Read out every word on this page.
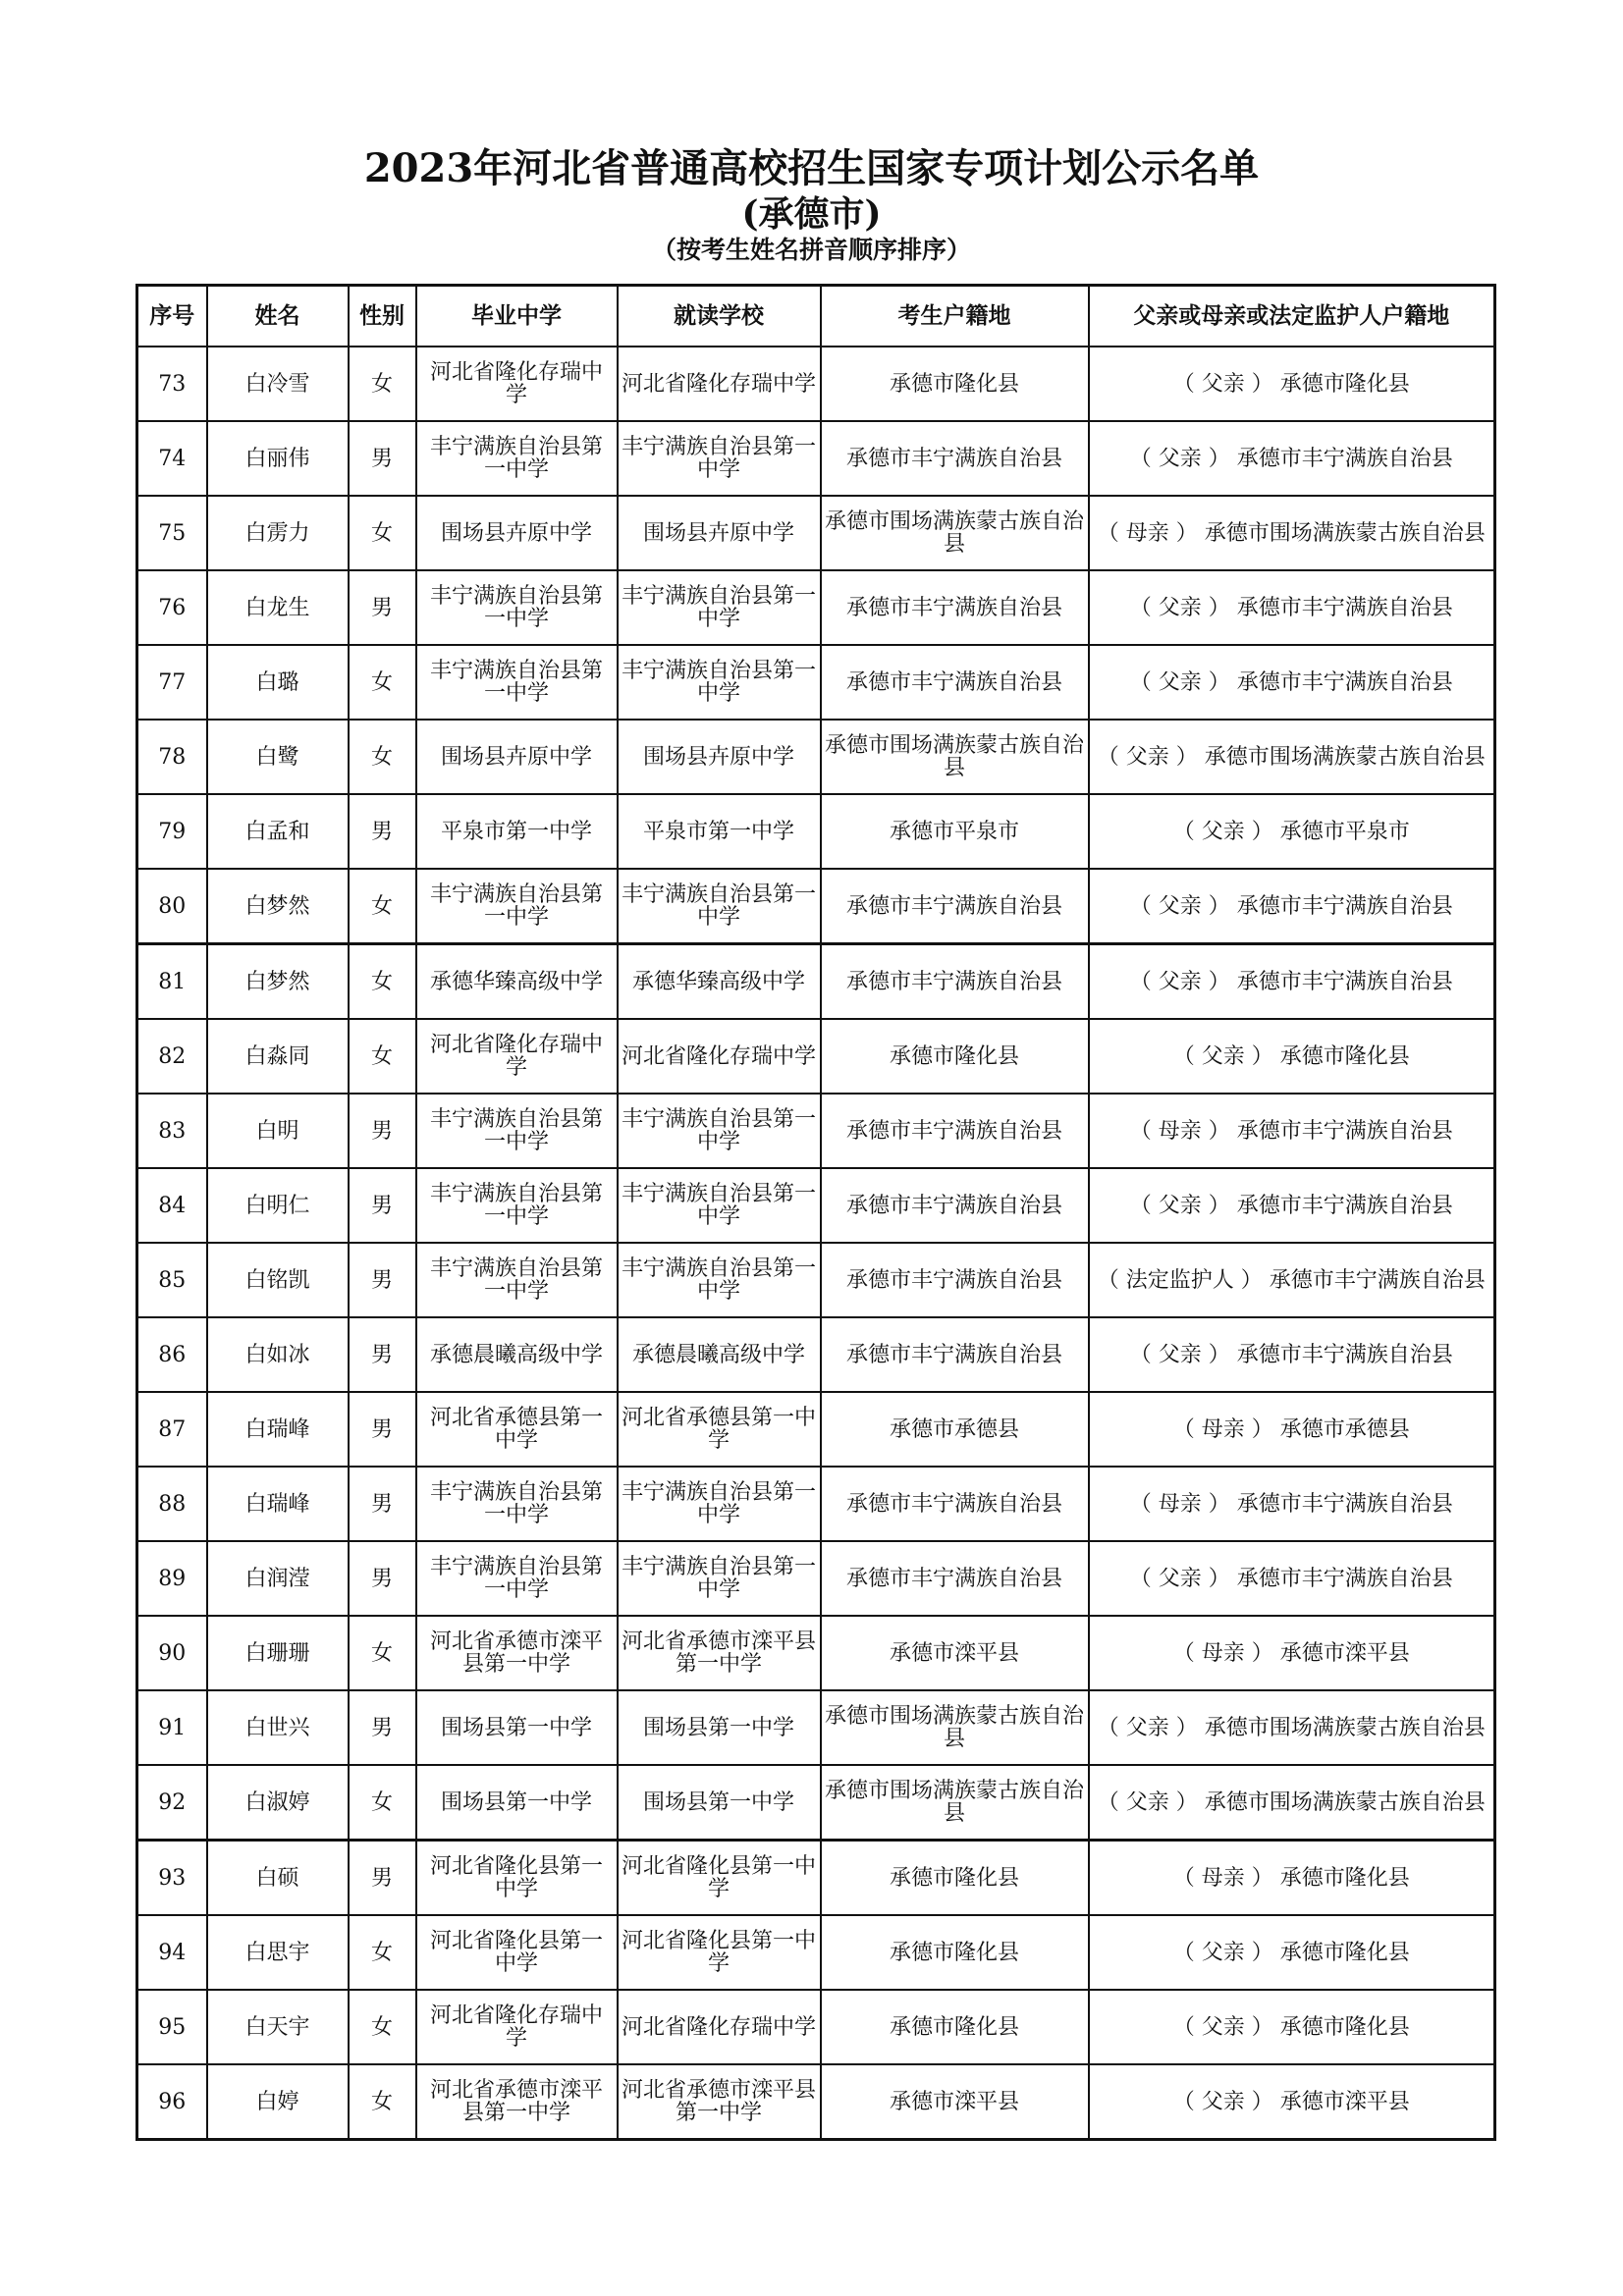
2023年河北省普通高校招生国家专项计划公示名单
(承德市)
（按考生姓名拼音顺序排序）
序号	姓名	性别	毕业中学	就读学校	考生户籍地	父亲或母亲或法定监护人户籍地
73	白冷雪	女	河北省隆化存瑞中学	河北省隆化存瑞中学	承德市隆化县	（ 父亲 ） 承德市隆化县
74	白丽伟	男	丰宁满族自治县第一中学	丰宁满族自治县第一中学	承德市丰宁满族自治县	（ 父亲 ） 承德市丰宁满族自治县
75	白雳力	女	围场县卉原中学	围场县卉原中学	承德市围场满族蒙古族自治县	（ 母亲 ） 承德市围场满族蒙古族自治县
76	白龙生	男	丰宁满族自治县第一中学	丰宁满族自治县第一中学	承德市丰宁满族自治县	（ 父亲 ） 承德市丰宁满族自治县
77	白璐	女	丰宁满族自治县第一中学	丰宁满族自治县第一中学	承德市丰宁满族自治县	（ 父亲 ） 承德市丰宁满族自治县
78	白鹭	女	围场县卉原中学	围场县卉原中学	承德市围场满族蒙古族自治县	（ 父亲 ） 承德市围场满族蒙古族自治县
79	白孟和	男	平泉市第一中学	平泉市第一中学	承德市平泉市	（ 父亲 ） 承德市平泉市
80	白梦然	女	丰宁满族自治县第一中学	丰宁满族自治县第一中学	承德市丰宁满族自治县	（ 父亲 ） 承德市丰宁满族自治县
81	白梦然	女	承德华臻高级中学	承德华臻高级中学	承德市丰宁满族自治县	（ 父亲 ） 承德市丰宁满族自治县
82	白淼同	女	河北省隆化存瑞中学	河北省隆化存瑞中学	承德市隆化县	（ 父亲 ） 承德市隆化县
83	白明	男	丰宁满族自治县第一中学	丰宁满族自治县第一中学	承德市丰宁满族自治县	（ 母亲 ） 承德市丰宁满族自治县
84	白明仁	男	丰宁满族自治县第一中学	丰宁满族自治县第一中学	承德市丰宁满族自治县	（ 父亲 ） 承德市丰宁满族自治县
85	白铭凯	男	丰宁满族自治县第一中学	丰宁满族自治县第一中学	承德市丰宁满族自治县	（ 法定监护人 ） 承德市丰宁满族自治县
86	白如冰	男	承德晨曦高级中学	承德晨曦高级中学	承德市丰宁满族自治县	（ 父亲 ） 承德市丰宁满族自治县
87	白瑞峰	男	河北省承德县第一中学	河北省承德县第一中学	承德市承德县	（ 母亲 ） 承德市承德县
88	白瑞峰	男	丰宁满族自治县第一中学	丰宁满族自治县第一中学	承德市丰宁满族自治县	（ 母亲 ） 承德市丰宁满族自治县
89	白润滢	男	丰宁满族自治县第一中学	丰宁满族自治县第一中学	承德市丰宁满族自治县	（ 父亲 ） 承德市丰宁满族自治县
90	白珊珊	女	河北省承德市滦平县第一中学	河北省承德市滦平县第一中学	承德市滦平县	（ 母亲 ） 承德市滦平县
91	白世兴	男	围场县第一中学	围场县第一中学	承德市围场满族蒙古族自治县	（ 父亲 ） 承德市围场满族蒙古族自治县
92	白淑婷	女	围场县第一中学	围场县第一中学	承德市围场满族蒙古族自治县	（ 父亲 ） 承德市围场满族蒙古族自治县
93	白硕	男	河北省隆化县第一中学	河北省隆化县第一中学	承德市隆化县	（ 母亲 ） 承德市隆化县
94	白思宇	女	河北省隆化县第一中学	河北省隆化县第一中学	承德市隆化县	（ 父亲 ） 承德市隆化县
95	白天宇	女	河北省隆化存瑞中学	河北省隆化存瑞中学	承德市隆化县	（ 父亲 ） 承德市隆化县
96	白婷	女	河北省承德市滦平县第一中学	河北省承德市滦平县第一中学	承德市滦平县	（ 父亲 ） 承德市滦平县
